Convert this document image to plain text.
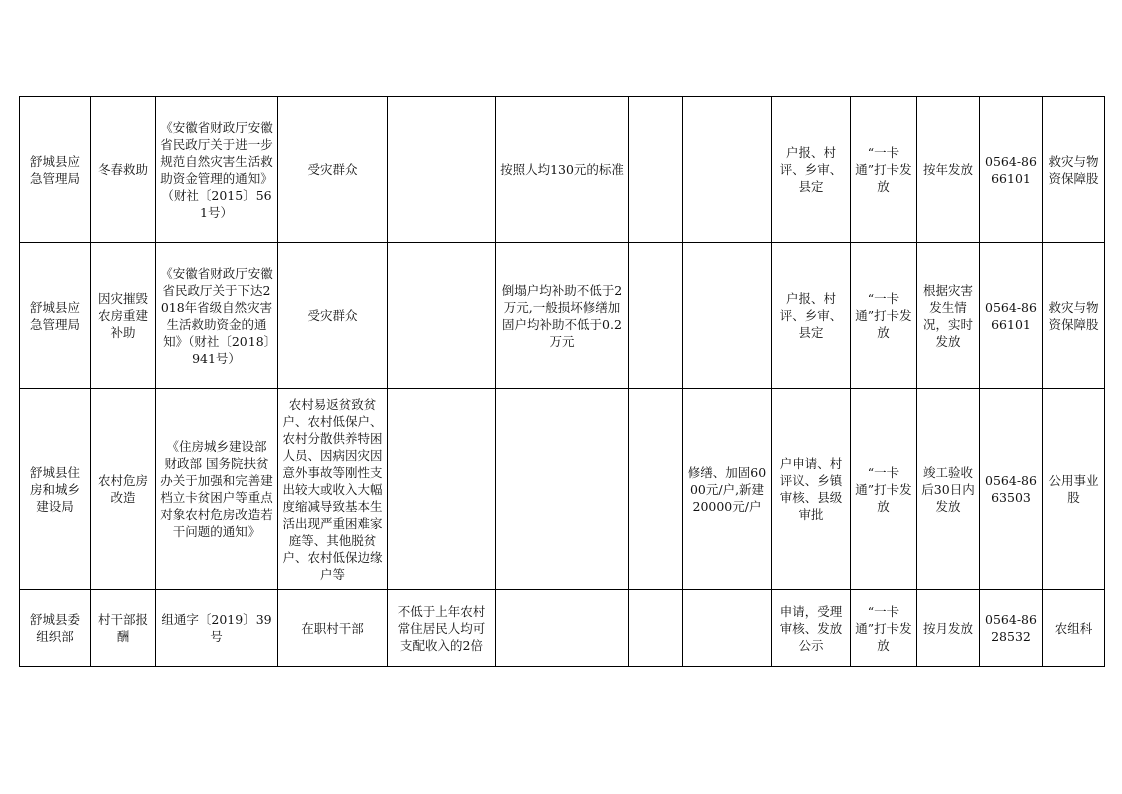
舒城县应急管理局	冬春救助	《安徽省财政厅安徽省民政厅关于进一步规范自然灾害生活救助资金管理的通知》（财社〔2015〕561号）	受灾群众		按照人均130元的标准			户报、村评、乡审、县定	“一卡通”打卡发放	按年发放	0564-8666101	救灾与物资保障股
舒城县应急管理局	因灾摧毁农房重建补助	《安徽省财政厅安徽省民政厅关于下达2018年省级自然灾害生活救助资金的通知》（财社〔2018〕941号）	受灾群众		倒塌户均补助不低于2万元,一般损坏修缮加固户均补助不低于0.2万元			户报、村评、乡审、县定	“一卡通”打卡发放	根据灾害发生情况，实时发放	0564-8666101	救灾与物资保障股
舒城县住房和城乡建设局	农村危房改造	《住房城乡建设部 财政部 国务院扶贫办关于加强和完善建档立卡贫困户等重点对象农村危房改造若干问题的通知》	农村易返贫致贫户、农村低保户、农村分散供养特困人员、因病因灾因意外事故等刚性支出较大或收入大幅度缩减导致基本生活出现严重困难家庭等、其他脱贫户、农村低保边缘户等				修缮、加固6000元/户,新建 20000元/户	户申请、村评议、乡镇审核、县级审批	“一卡通”打卡发放	竣工验收后30日内发放	0564-8663503	公用事业股
舒城县委组织部	村干部报酬	组通字〔2019〕39号	在职村干部	不低于上年农村常住居民人均可支配收入的2倍				申请，受理审核、发放公示	“一卡通”打卡发放	按月发放	0564-8628532	农组科
